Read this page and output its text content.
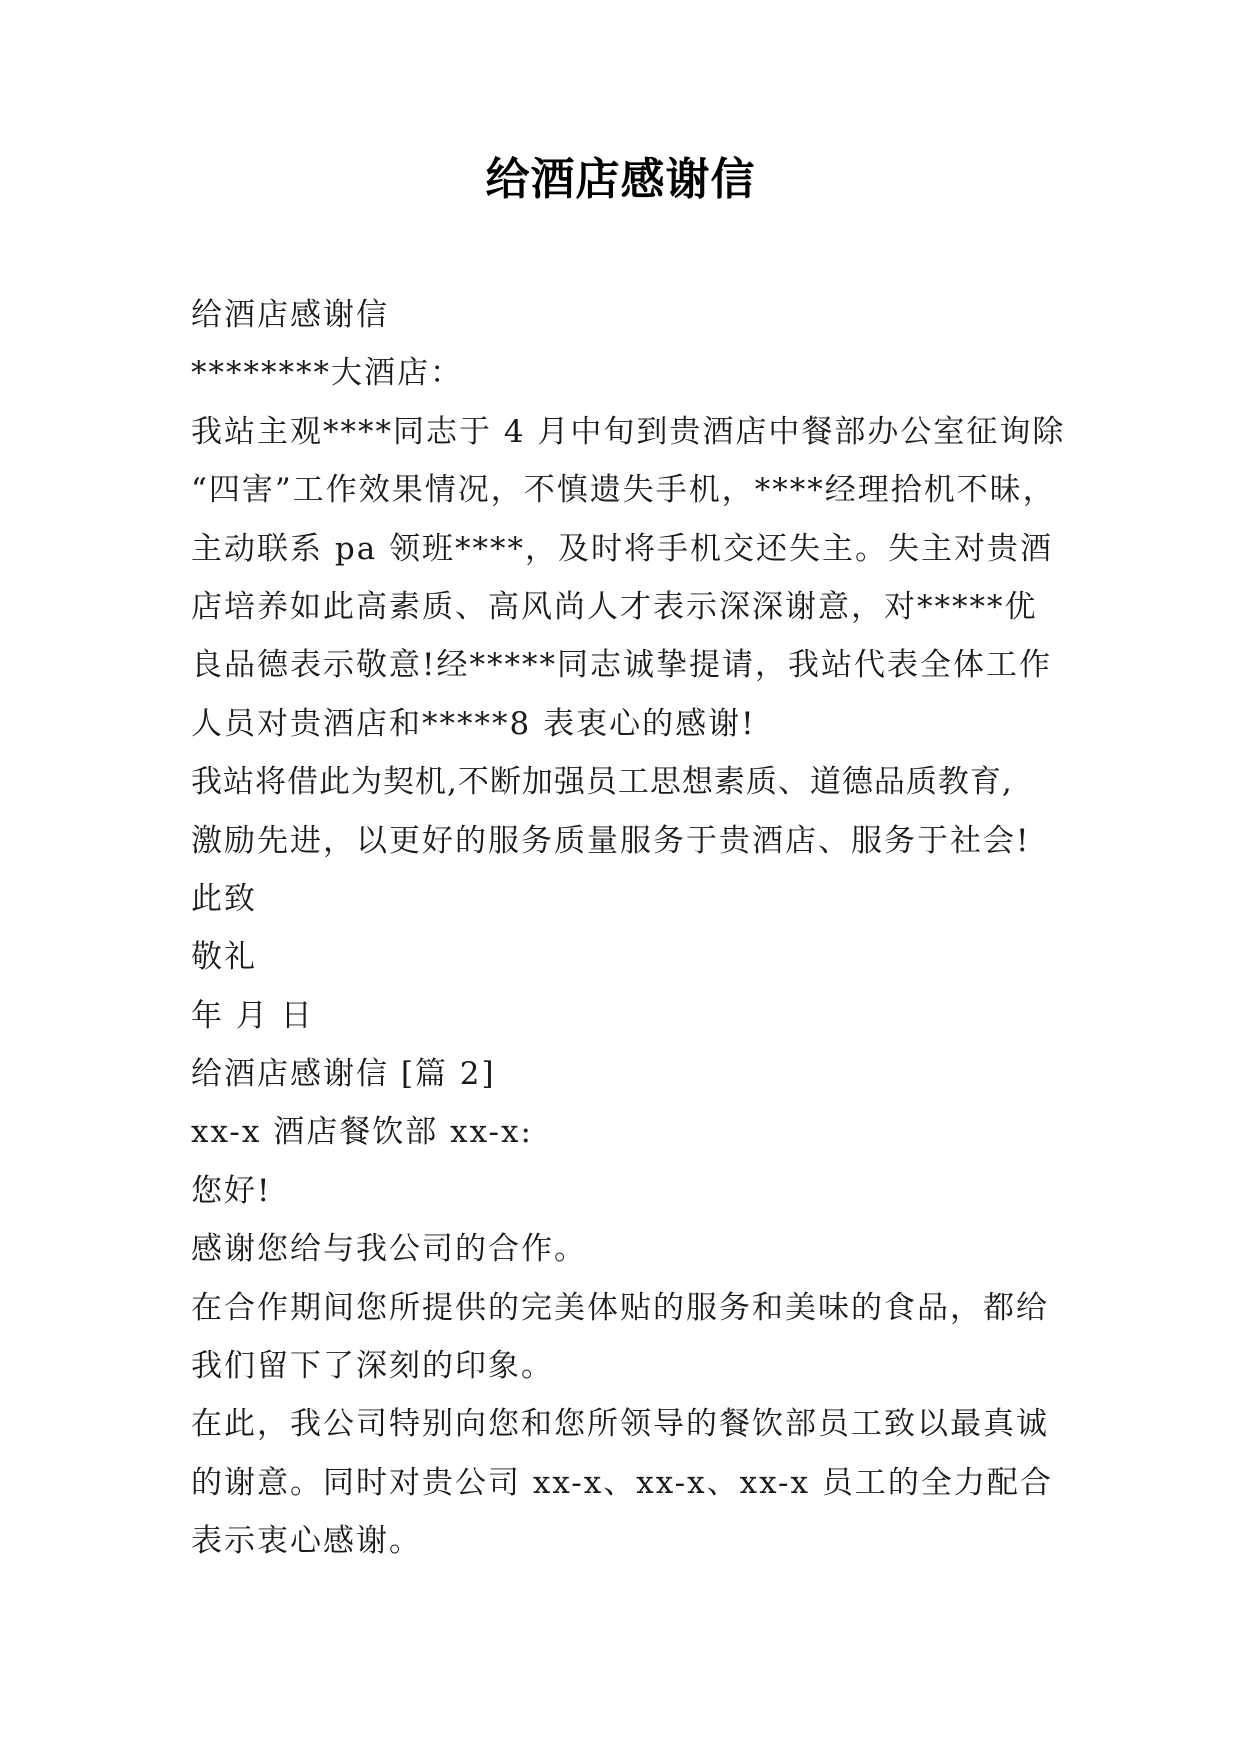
给酒店感谢信
给酒店感谢信
********大酒店：
我站主观****同志于 4 月中旬到贵酒店中餐部办公室征询除
“四害”工作效果情况，不慎遗失手机，****经理拾机不昧，
主动联系 pa 领班****，及时将手机交还失主。失主对贵酒
店培养如此高素质、高风尚人才表示深深谢意，对*****优
良品德表示敬意!经*****同志诚挚提请，我站代表全体工作
人员对贵酒店和*****8 表衷心的感谢!
我站将借此为契机,不断加强员工思想素质、道德品质教育,
激励先进，以更好的服务质量服务于贵酒店、服务于社会!
此致
敬礼
年 月 日
给酒店感谢信 [篇 2]
xx-x 酒店餐饮部 xx-x:
您好!
感谢您给与我公司的合作。
在合作期间您所提供的完美体贴的服务和美味的食品，都给
我们留下了深刻的印象。
在此，我公司特别向您和您所领导的餐饮部员工致以最真诚
的谢意。同时对贵公司 xx-x、xx-x、xx-x 员工的全力配合
表示衷心感谢。
